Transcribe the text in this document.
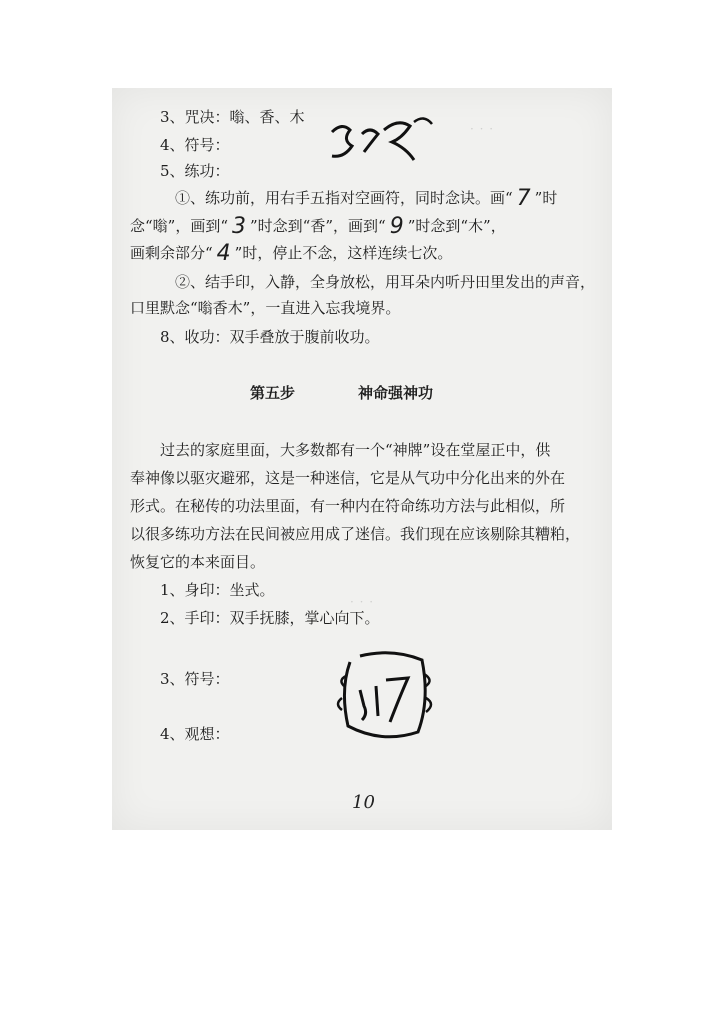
· · ·
· · ·
3、咒决：嗡、香、木
4、符号：
5、练功：
①、练功前，用右手五指对空画符，同时念诀。画“ 7 ”时
念“嗡”，画到“ 3 ”时念到“香”，画到“ 9 ”时念到“木”，
画剩余部分“ 4 ”时，停止不念，这样连续七次。
②、结手印，入静，全身放松，用耳朵内听丹田里发出的声音，
口里默念“嗡香木”，一直进入忘我境界。
8、收功：双手叠放于腹前收功。
第五步	神命强神功
过去的家庭里面，大多数都有一个“神牌”设在堂屋正中，供
奉神像以驱灾避邪，这是一种迷信，它是从气功中分化出来的外在
形式。在秘传的功法里面，有一种内在符命练功方法与此相似，所
以很多练功方法在民间被应用成了迷信。我们现在应该剔除其糟粕，
恢复它的本来面目。
1、身印：坐式。
2、手印：双手抚膝，掌心向下。
3、符号：
4、观想：
10
